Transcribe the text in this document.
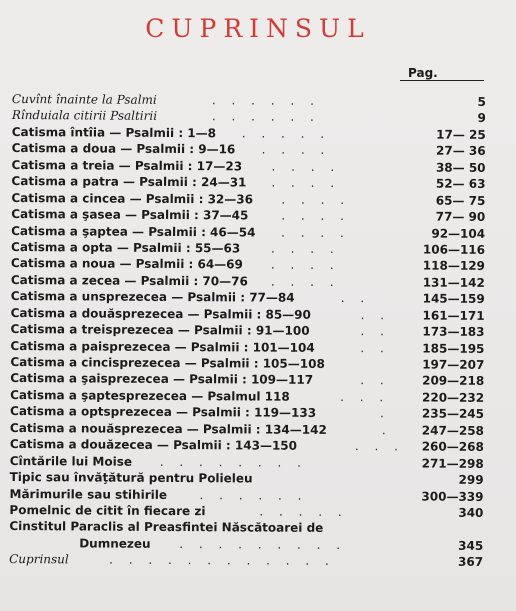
CUPRINSUL
Pag.
Cuvînt înainte la Psalmi	. . . . . .	5
Rînduiala citirii Psaltirii	. . . . . .	9
Catisma întîia — Psalmii : 1—8 . . . . .	17— 25
Catisma a doua — Psalmii : 9—16 . . . .	27— 36
Catisma a treia — Psalmii : 17—23 . . . .	38— 50
Catisma a patra — Psalmii : 24—31 . . . .	52— 63
Catisma a cincea — Psalmii : 32—36 . . . .	65— 75
Catisma a şasea — Psalmii : 37—45	. . . .	77— 90
Catisma a şaptea — Psalmii : 46—54 . . . .	92—104
Catisma a opta — Psalmii : 55—63	. . . .	106—116
Catisma a noua — Psalmii : 64—69 . . . .	118—129
Catisma a zecea — Psalmii : 70—76 . . . .	131—142
Catisma a unsprezecea — Psalmii : 77—84	. .	145—159
Catisma a douăsprezecea — Psalmii : 85—90	. .	161—171
Catisma a treisprezecea — Psalmii : 91—100	. .	173—183
Catisma a paisprezecea — Psalmii : 101—104	. .	185—195
Catisma a cincisprezecea — Psalmii : 105—108	197—207
Catisma a şaisprezecea — Psalmii : 109—117	. .	209—218
Catisma a şaptesprezecea — Psalmul 118	. . .	220—232
Catisma a optsprezecea — Psalmii : 119—133	.	235—245
Catisma a nouăsprezecea — Psalmii : 134—142	. 247—258
Catisma a douăzecea — Psalmii : 143—150	. . . 260—268
Cîntările lui Moise . . . . . . . .	271—298
Tipic sau învăţătură pentru Polieleu	299
Mărimurile sau stihirile	. . . . . .	300—339
Pomelnic de citit în fiecare zi	. . . . .	340
Cinstitul Paraclis al Preasfintei Născătoarei de
Dumnezeu . . . . . . . . .	345
Cuprinsul	. . . . . . . . . . . .	367
